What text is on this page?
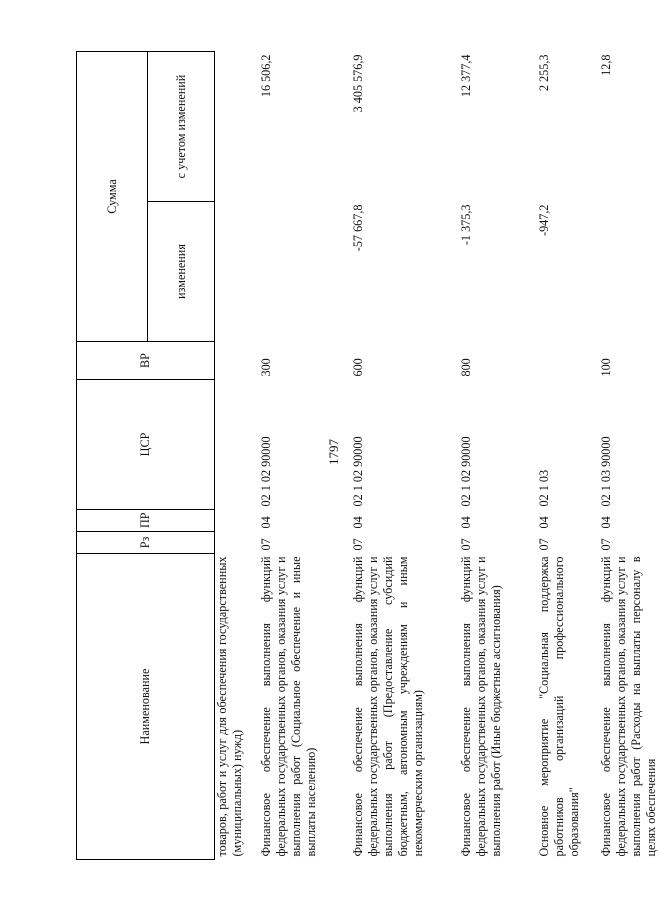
1797
Наименование	Рз	ПР	ЦСР	ВР	Сумма	
					изменения	с учетом изменений
товаров, работ и услуг для обеспечения государственных (муниципальных) нужд)						
Финансовое обеспечение выполнения функций федеральных государственных органов, оказания услуг и выполнения работ (Социальное обеспечение и иные выплаты населению)	07	04	02 1 02 90000	300		16 506,2
Финансовое обеспечение выполнения функций федеральных государственных органов, оказания услуг и выполнения работ (Предоставление субсидий бюджетным, автономным учреждениям и иным некоммерческим организациям)	07	04	02 1 02 90000	600	-57 667,8	3 405 576,9
Финансовое обеспечение выполнения функций федеральных государственных органов, оказания услуг и выполнения работ (Иные бюджетные ассигнования)	07	04	02 1 02 90000	800	-1 375,3	12 377,4
Основное мероприятие "Социальная поддержка работников организаций профессионального образования"	07	04	02 1 03		-947,2	2 255,3
Финансовое обеспечение выполнения функций федеральных государственных органов, оказания услуг и выполнения работ (Расходы на выплаты персоналу в целях обеспечения	07	04	02 1 03 90000	100		12,8
